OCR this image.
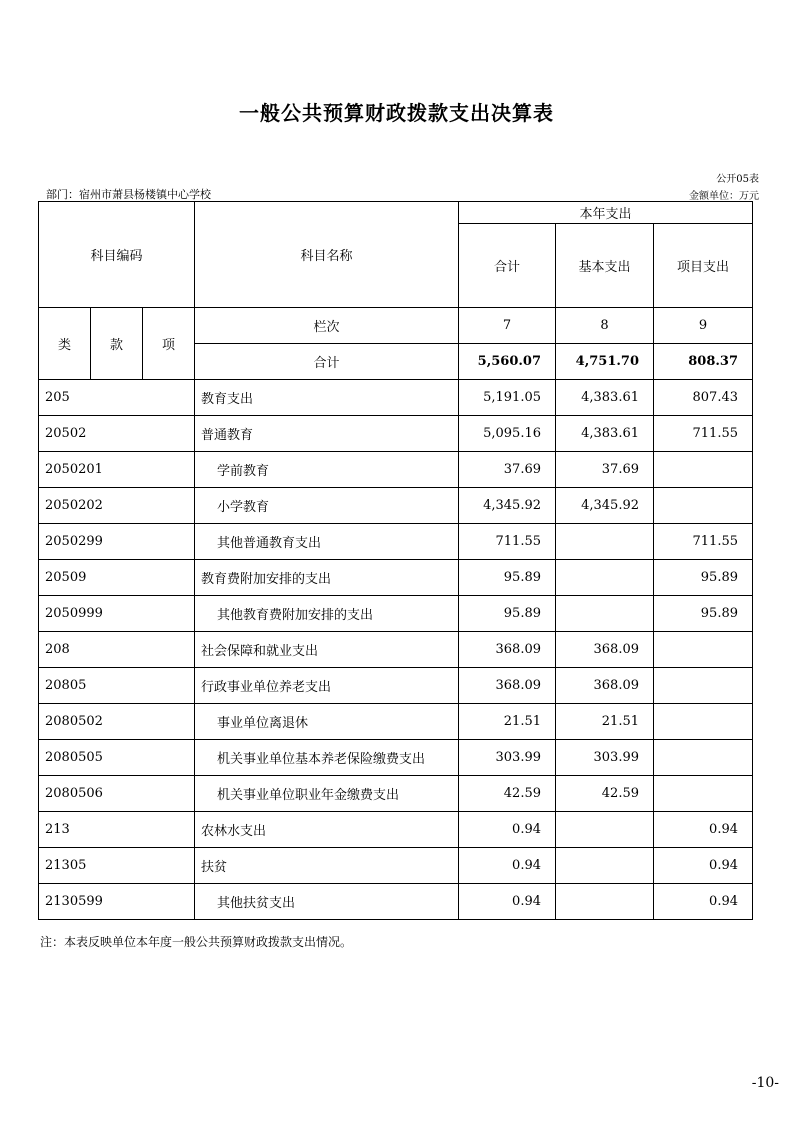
一般公共预算财政拨款支出决算表
公开05表
部门：宿州市萧县杨楼镇中心学校	金额单位：万元
科目编码			科目名称	本年支出		
				合计	基本支出	项目支出
类	款	项	栏次	7	8	9
			合计	5,560.07	4,751.70	808.37
205			教育支出	5,191.05	4,383.61	807.43
20502			普通教育	5,095.16	4,383.61	711.55
2050201			学前教育	37.69	37.69	
2050202			小学教育	4,345.92	4,345.92	
2050299			其他普通教育支出	711.55		711.55
20509			教育费附加安排的支出	95.89		95.89
2050999			其他教育费附加安排的支出	95.89		95.89
208			社会保障和就业支出	368.09	368.09	
20805			行政事业单位养老支出	368.09	368.09	
2080502			事业单位离退休	21.51	21.51	
2080505			机关事业单位基本养老保险缴费支出	303.99	303.99	
2080506			机关事业单位职业年金缴费支出	42.59	42.59	
213			农林水支出	0.94		0.94
21305			扶贫	0.94		0.94
2130599			其他扶贫支出	0.94		0.94
注：本表反映单位本年度一般公共预算财政拨款支出情况。
-10-
